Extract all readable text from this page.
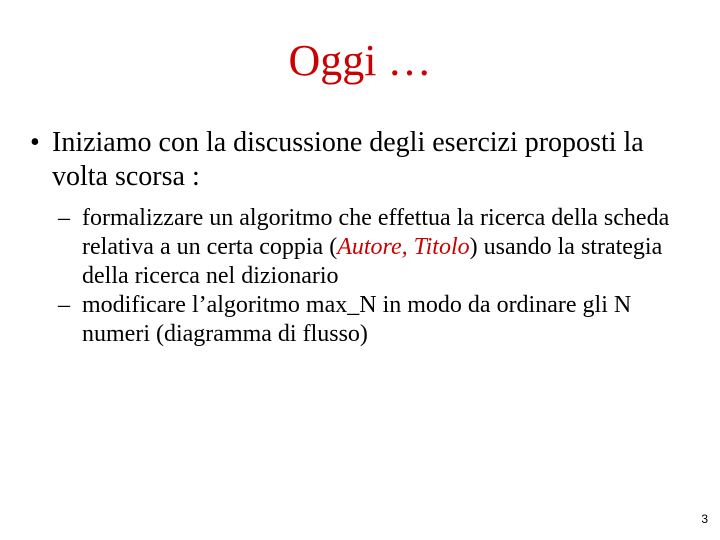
Oggi …
• Iniziamo con la discussione degli esercizi proposti la volta scorsa :
– formalizzare un algoritmo che effettua la ricerca della scheda relativa a un certa coppia (Autore, Titolo) usando la strategia della ricerca nel dizionario
– modificare l’algoritmo max_N in modo da ordinare gli N numeri (diagramma di flusso)
3
